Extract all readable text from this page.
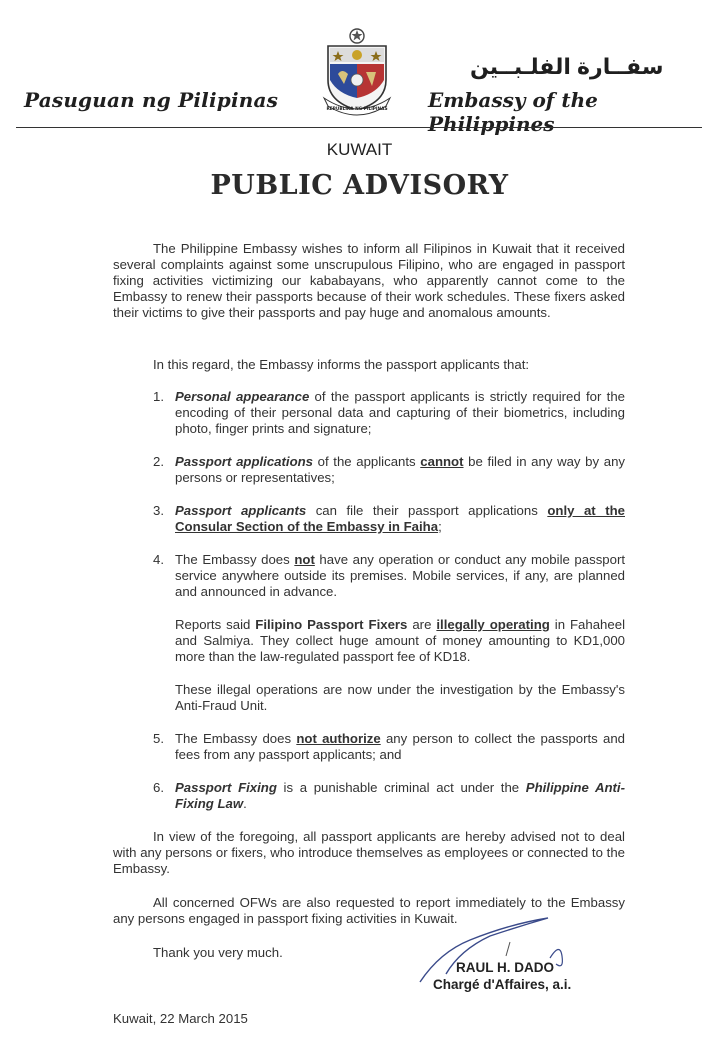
Pasuguan ng Pilipinas
سفــارة الفلـبــين
Embassy of the Philippines
REPUBLIKA NG PILIPINAS
KUWAIT
PUBLIC ADVISORY
The Philippine Embassy wishes to inform all Filipinos in Kuwait that it received several complaints against some unscrupulous Filipino, who are engaged in passport fixing activities victimizing our kababayans, who apparently cannot come to the Embassy to renew their passports because of their work schedules. These fixers asked their victims to give their passports and pay huge and anomalous amounts.
In this regard, the Embassy informs the passport applicants that:
1. Personal appearance of the passport applicants is strictly required for the encoding of their personal data and capturing of their biometrics, including photo, finger prints and signature;
2. Passport applications of the applicants cannot be filed in any way by any persons or representatives;
3. Passport applicants can file their passport applications only at the Consular Section of the Embassy in Faiha;
4. The Embassy does not have any operation or conduct any mobile passport service anywhere outside its premises. Mobile services, if any, are planned and announced in advance.
Reports said Filipino Passport Fixers are illegally operating in Fahaheel and Salmiya. They collect huge amount of money amounting to KD1,000 more than the law-regulated passport fee of KD18.
These illegal operations are now under the investigation by the Embassy's Anti-Fraud Unit.
5. The Embassy does not authorize any person to collect the passports and fees from any passport applicants; and
6. Passport Fixing is a punishable criminal act under the Philippine Anti-Fixing Law.
In view of the foregoing, all passport applicants are hereby advised not to deal with any persons or fixers, who introduce themselves as employees or connected to the Embassy.
All concerned OFWs are also requested to report immediately to the Embassy any persons engaged in passport fixing activities in Kuwait.
Thank you very much.
RAUL H. DADO
Chargé d'Affaires, a.i.
Kuwait, 22 March 2015
